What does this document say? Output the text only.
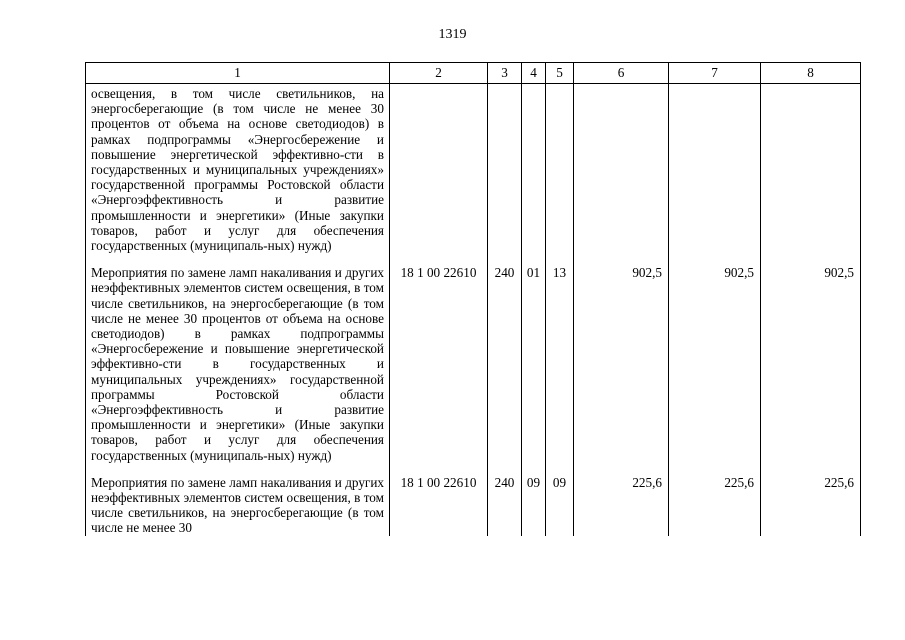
1319
1	2	3	4	5	6	7	8
освещения, в том числе светильников, на энергосберегающие (в том числе не менее 30 процентов от объема на основе светодиодов) в рамках подпрограммы «Энергосбережение и повышение энергетической эффективно-сти в государственных и муниципальных учреждениях» государственной программы Ростовской области «Энергоэффективность и развитие промышленности и энергетики» (Иные закупки товаров, работ и услуг для обеспечения государственных (муниципаль-ных) нужд)							
Мероприятия по замене ламп накаливания и других неэффективных элементов систем освещения, в том числе светильников, на энергосберегающие (в том числе не менее 30 процентов от объема на основе светодиодов) в рамках подпрограммы «Энергосбережение и повышение энергетической эффективно-сти в государственных и муниципальных учреждениях» государственной программы Ростовской области «Энергоэффективность и развитие промышленности и энергетики» (Иные закупки товаров, работ и услуг для обеспечения государственных (муниципаль-ных) нужд)	18 1 00 22610	240	01	13	902,5	902,5	902,5
Мероприятия по замене ламп накаливания и других неэффективных элементов систем освещения, в том числе светильников, на энергосберегающие (в том числе не менее 30	18 1 00 22610	240	09	09	225,6	225,6	225,6
